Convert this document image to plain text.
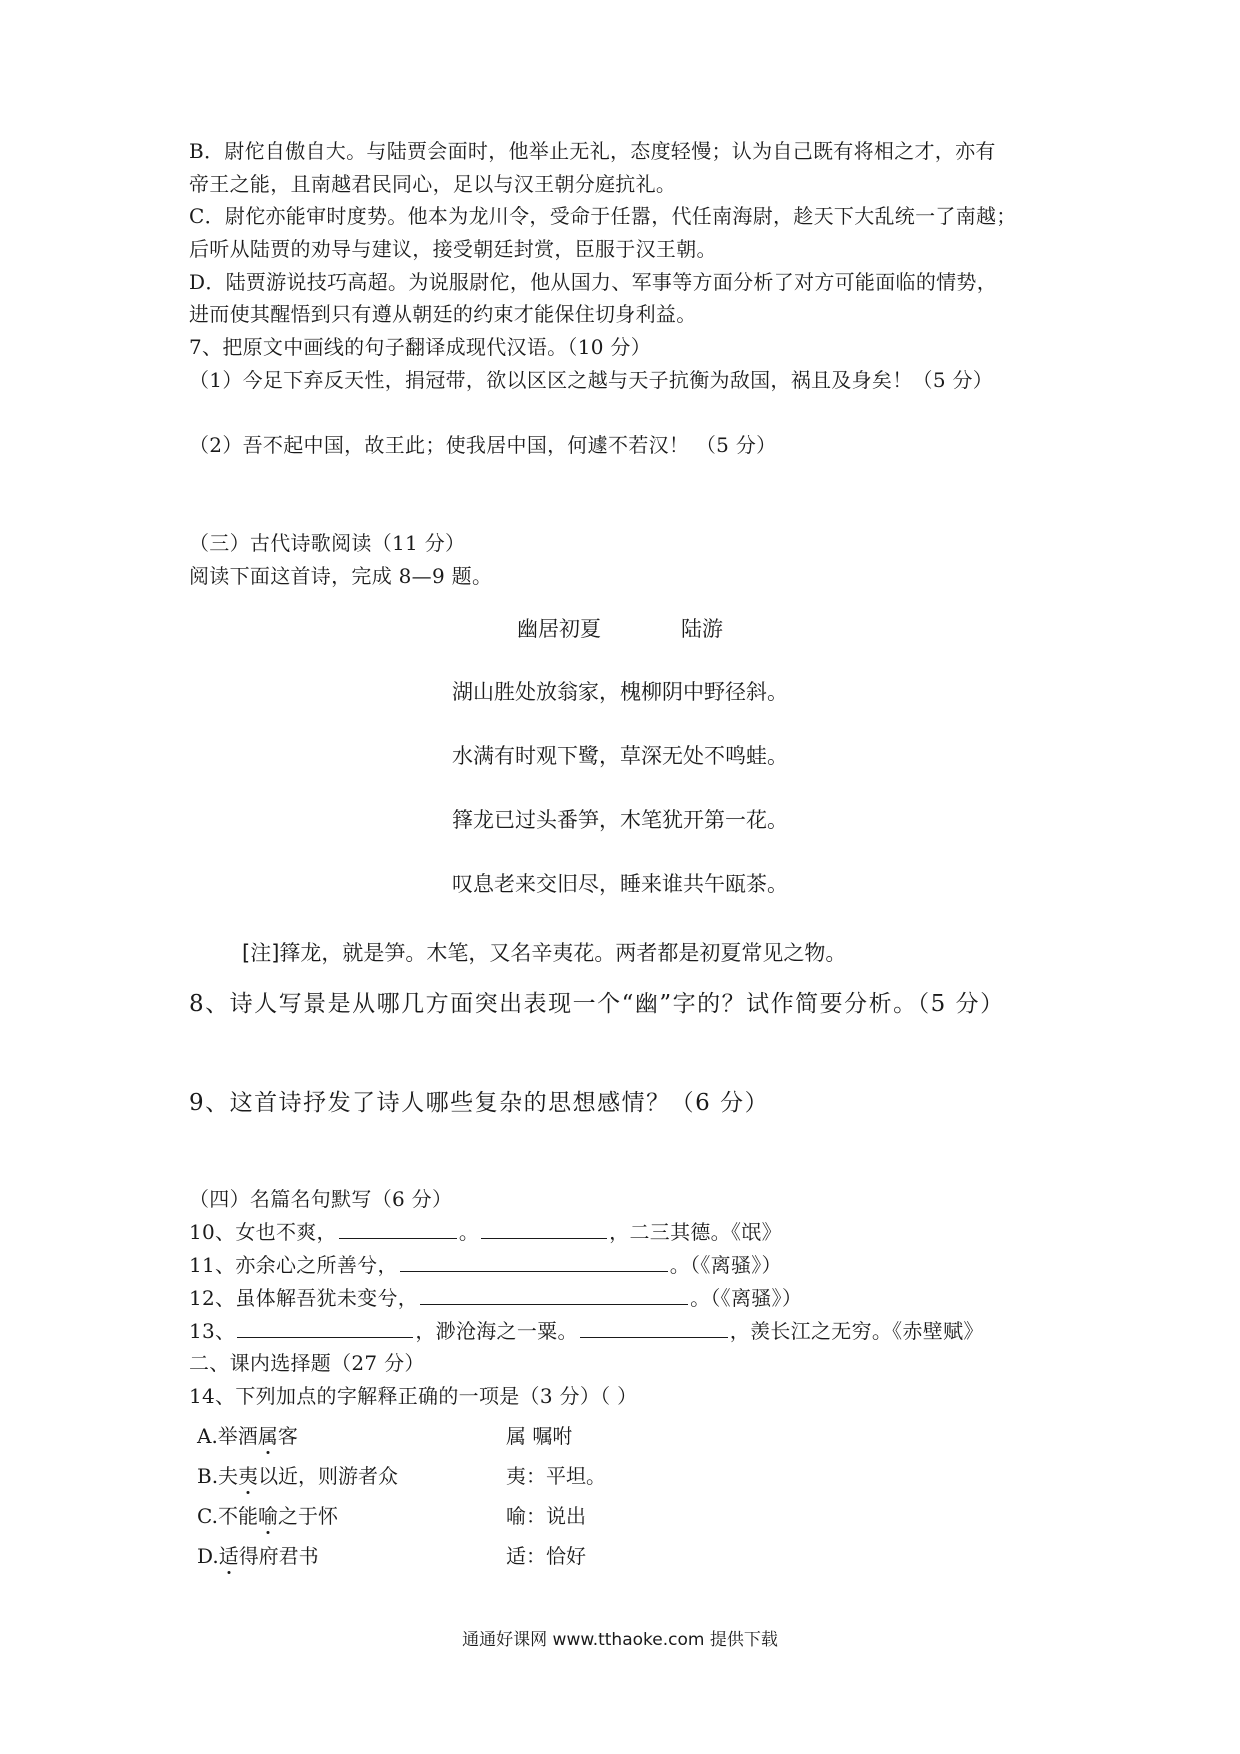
B．尉佗自傲自大。与陆贾会面时，他举止无礼，态度轻慢；认为自己既有将相之才，亦有
帝王之能，且南越君民同心，足以与汉王朝分庭抗礼。
C．尉佗亦能审时度势。他本为龙川令，受命于任嚣，代任南海尉，趁天下大乱统一了南越；
后听从陆贾的劝导与建议，接受朝廷封赏，臣服于汉王朝。
D．陆贾游说技巧高超。为说服尉佗，他从国力、军事等方面分析了对方可能面临的情势，
进而使其醒悟到只有遵从朝廷的约束才能保住切身利益。
7、把原文中画线的句子翻译成现代汉语。（10 分）
（1）今足下弃反天性，捐冠带，欲以区区之越与天子抗衡为敌国，祸且及身矣！（5 分）
（2）吾不起中国，故王此；使我居中国，何遽不若汉！ （5 分）
（三）古代诗歌阅读（11 分）
阅读下面这首诗，完成 8—9 题。
幽居初夏	陆游
湖山胜处放翁家，槐柳阴中野径斜。
水满有时观下鹭，草深无处不鸣蛙。
箨龙已过头番笋，木笔犹开第一花。
叹息老来交旧尽，睡来谁共午瓯茶。
[注]箨龙，就是笋。木笔，又名辛夷花。两者都是初夏常见之物。
8、诗人写景是从哪几方面突出表现一个“幽”字的？试作简要分析。（5 分）
9、这首诗抒发了诗人哪些复杂的思想感情？（6 分）
（四）名篇名句默写（6 分）
10、女也不爽，	。	，二三其德。《氓》
11、亦余心之所善兮，	。（《离骚》）
12、虽体解吾犹未变兮，	。（《离骚》）
13、	，渺沧海之一粟。	，羡长江之无穷。《赤壁赋》
二、课内选择题（27 分）
14、下列加点的字解释正确的一项是（3 分）（ ）
A.举酒属客	属 嘱咐
B.夫夷以近，则游者众	夷：平坦。
C.不能喻之于怀	喻：说出
D.适得府君书	适：恰好
通通好课网 www.tthaoke.com 提供下载
